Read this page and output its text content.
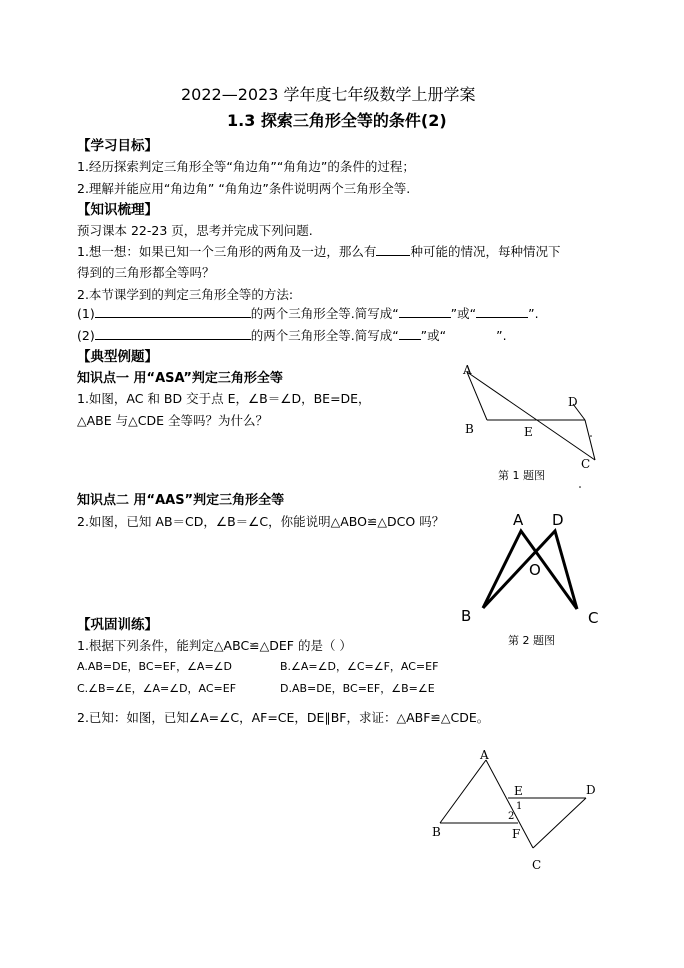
2022—2023 学年度七年级数学上册学案
1.3 探索三角形全等的条件(2)
【学习目标】
1.经历探索判定三角形全等“角边角”“角角边”的条件的过程；
2.理解并能应用“角边角” “角角边”条件说明两个三角形全等.
【知识梳理】
预习课本 22-23 页，思考并完成下列问题.
1.想一想：如果已知一个三角形的两角及一边，那么有	种可能的情况，每种情况下
得到的三角形都全等吗？
2.本节课学到的判定三角形全等的方法:
(1)	的两个三角形全等.简写成“	”或“	”.
(2)	的两个三角形全等.简写成“ ”或“	”.
【典型例题】
知识点一 用“ASA”判定三角形全等
1.如图，AC 和 BD 交于点 E，∠B＝∠D，BE=DE，
△ABE 与△CDE 全等吗？为什么？
A
B
D
E
C
第 1 题图
知识点二 用“AAS”判定三角形全等
2.如图，已知 AB＝CD，∠B＝∠C，你能说明△ABO≌△DCO 吗？	A D
O
B	C
第 2 题图
【巩固训练】
1.根据下列条件，能判定△ABC≌△DEF 的是（ ）
A.AB=DE，BC=EF，∠A=∠D	B.∠A=∠D，∠C=∠F，AC=EF
C.∠B=∠E，∠A=∠D，AC=EF	D.AB=DE，BC=EF，∠B=∠E
2.已知：如图，已知∠A=∠C，AF=CE，DE∥BF，求证：△ABF≌△CDE。
A
E	D
1
2
B	F
C
